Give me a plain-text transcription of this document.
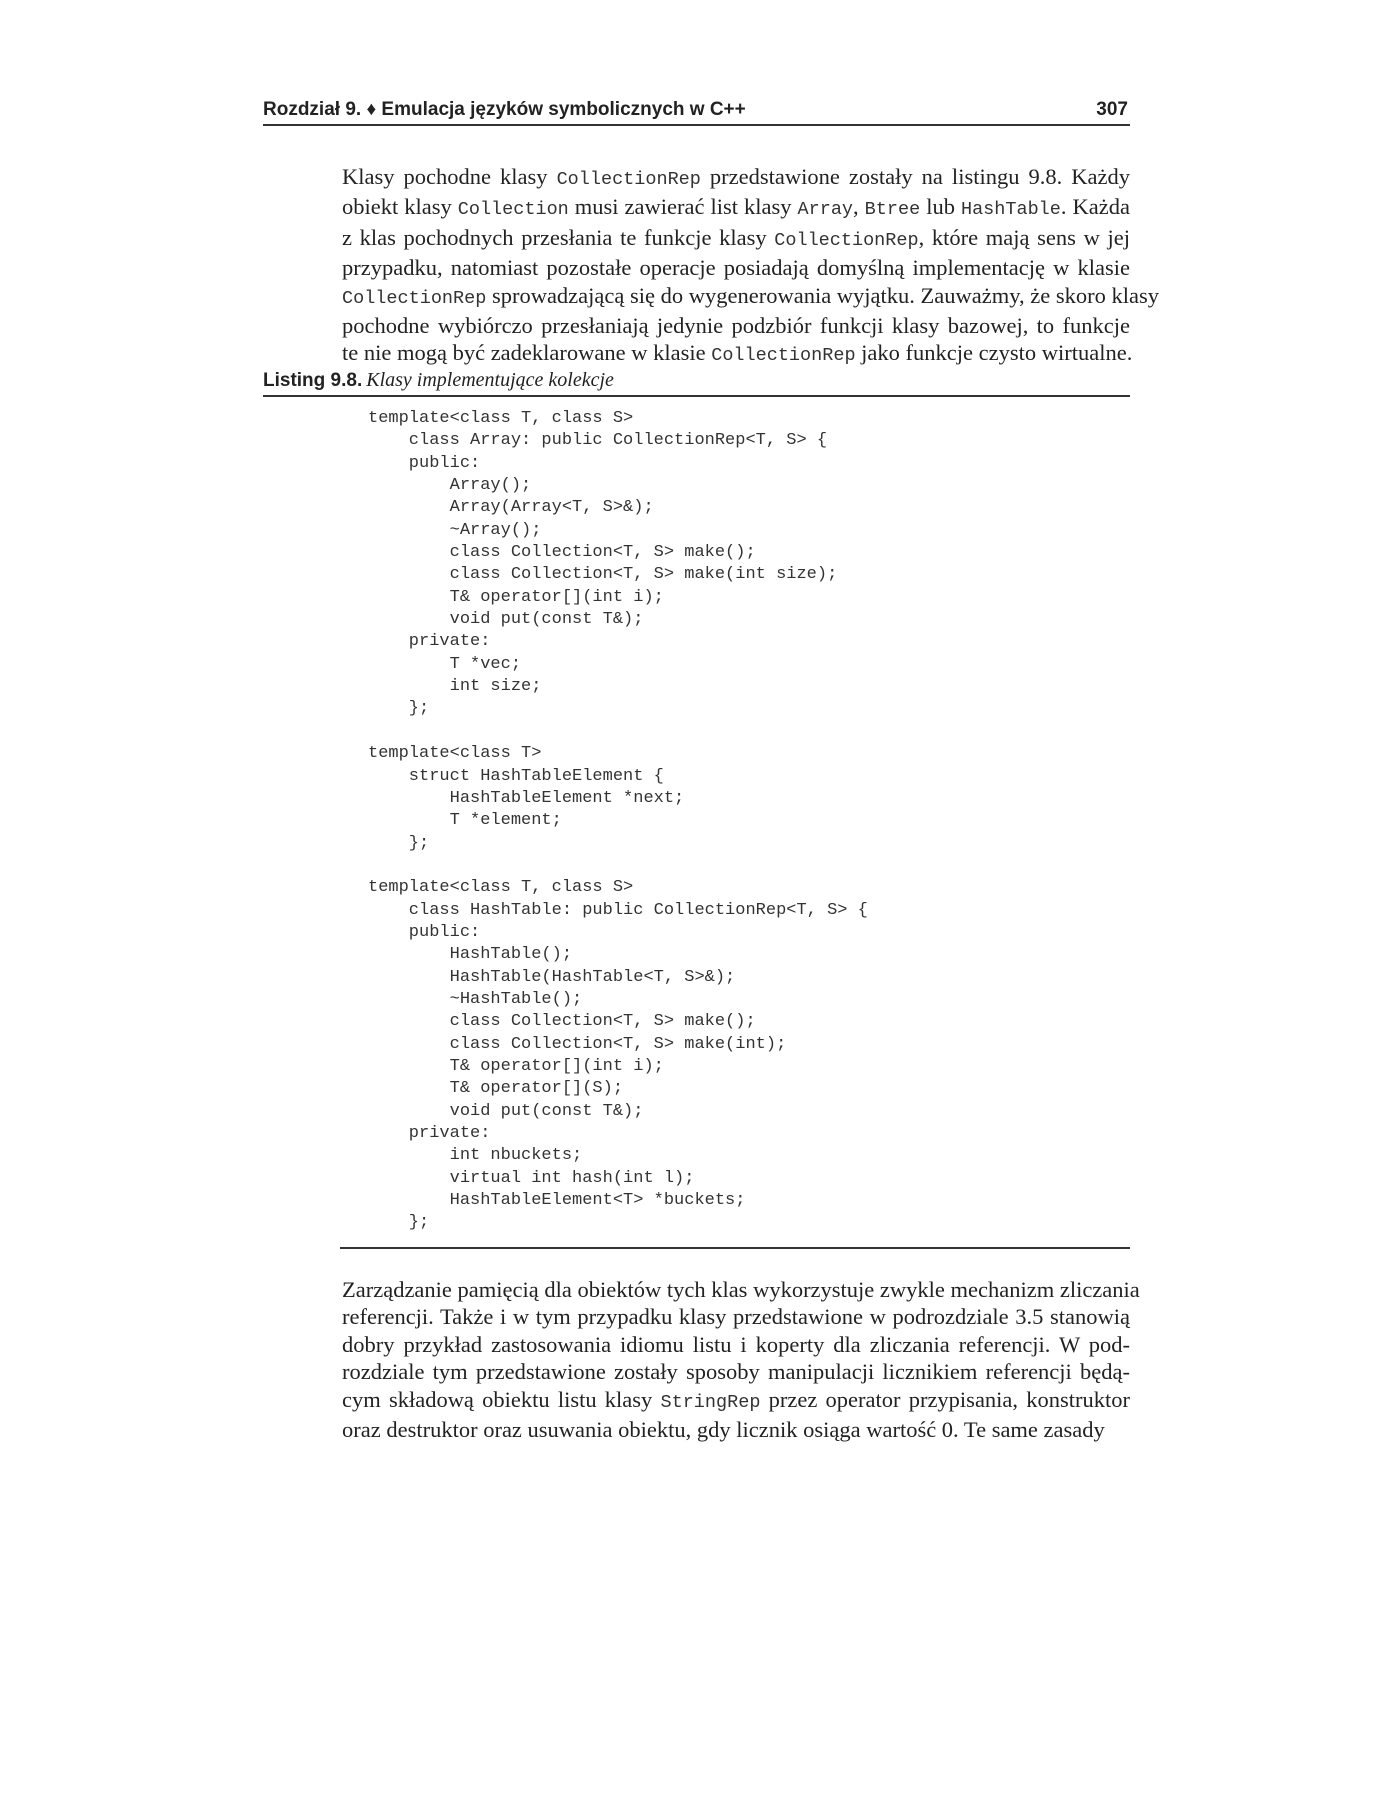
Rozdział 9. ♦ Emulacja języków symbolicznych w C++	307
Klasy pochodne klasy CollectionRep przedstawione zostały na listingu 9.8. Każdy
obiekt klasy Collection musi zawierać list klasy Array, Btree lub HashTable. Każda
z klas pochodnych przesłania te funkcje klasy CollectionRep, które mają sens w jej
przypadku, natomiast pozostałe operacje posiadają domyślną implementację w klasie
CollectionRep sprowadzającą się do wygenerowania wyjątku. Zauważmy, że skoro klasy
pochodne wybiórczo przesłaniają jedynie podzbiór funkcji klasy bazowej, to funkcje
te nie mogą być zadeklarowane w klasie CollectionRep jako funkcje czysto wirtualne.
Listing 9.8. Klasy implementujące kolekcje
template<class T, class S>
class Array: public CollectionRep<T, S> {
public:
Array();
Array(Array<T, S>&);
~Array();
class Collection<T, S> make();
class Collection<T, S> make(int size);
T& operator[](int i);
void put(const T&);
private:
T *vec;
int size;
};
template<class T>
struct HashTableElement {
HashTableElement *next;
T *element;
};
template<class T, class S>
class HashTable: public CollectionRep<T, S> {
public:
HashTable();
HashTable(HashTable<T, S>&);
~HashTable();
class Collection<T, S> make();
class Collection<T, S> make(int);
T& operator[](int i);
T& operator[](S);
void put(const T&);
private:
int nbuckets;
virtual int hash(int l);
HashTableElement<T> *buckets;
};
Zarządzanie pamięcią dla obiektów tych klas wykorzystuje zwykle mechanizm zliczania
referencji. Także i w tym przypadku klasy przedstawione w podrozdziale 3.5 stanowią
dobry przykład zastosowania idiomu listu i koperty dla zliczania referencji. W pod-
rozdziale tym przedstawione zostały sposoby manipulacji licznikiem referencji będą-
cym składową obiektu listu klasy StringRep przez operator przypisania, konstruktor
oraz destruktor oraz usuwania obiektu, gdy licznik osiąga wartość 0. Te same zasady
